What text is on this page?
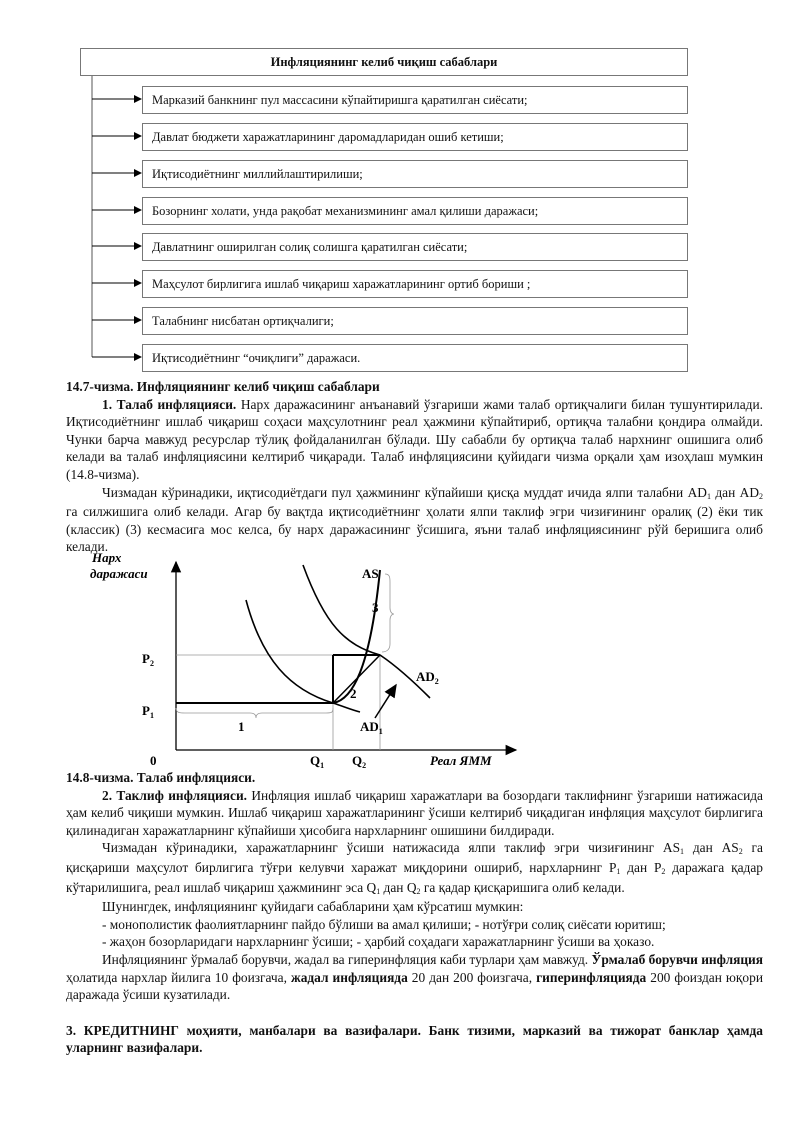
Инфляциянинг келиб чиқиш сабаблари
Марказий банкнинг пул массасини кўпайтиришга қаратилган сиёсати;
Давлат бюджети харажатларининг даромадларидан ошиб кетиши;
Иқтисодиётнинг миллийлаштирилиши;
Бозорнинг холати, унда рақобат механизмининг амал қилиши даражаси;
Давлатнинг оширилган солиқ солишга қаратилган сиёсати;
Маҳсулот бирлигига ишлаб чиқариш харажатларининг ортиб бориши ;
Талабнинг нисбатан ортиқчалиги;
Иқтисодиётнинг “очиқлиги” даражаси.

14.7-чизма. Инфляциянинг келиб чиқиш сабаблари

1. Талаб инфляцияси. Нарх даражасининг анъанавий ўзгариши жами талаб ортиқчалиги билан тушунтирилади. Иқтисодиётнинг ишлаб чиқариш соҳаси маҳсулотнинг реал ҳажмини кўпайтириб, ортиқча талабни қондира олмайди. Чунки барча мавжуд ресурслар тўлиқ фойдаланилган бўлади. Шу сабабли бу ортиқча талаб нархнинг ошишига олиб келади ва талаб инфляциясини келтириб чиқаради. Талаб инфляциясини қуйидаги чизма орқали ҳам изоҳлаш мумкин (14.8-чизма).

Чизмадан кўринадики, иқтисодиётдаги пул ҳажмининг кўпайиши қисқа муддат ичида ялпи талабни $AD_1$ дан $AD_2$ га силжишига олиб келади. Агар бу вақтда иқтисодиётнинг ҳолати ялпи таклиф эгри чизиғининг оралиқ (2) ёки тик (классик) (3) кесмасига мос келса, бу нарх даражасининг ўсишига, яъни талаб инфляциясининг рўй беришига олиб келади.

Нарх
даражаси
Реал ЯММ
0
AS
3
2
1
$AD_2$
$AD_1$
$P_2$
$P_1$
$Q_1$ $Q_2$

14.8-чизма. Талаб инфляцияси.

2. Таклиф инфляцияси. Инфляция ишлаб чиқариш харажатлари ва бозордаги таклифнинг ўзгариши натижасида ҳам келиб чиқиши мумкин. Ишлаб чиқариш харажатларининг ўсиши келтириб чиқадиган инфляция маҳсулот бирлигига қилинадиган харажатларнинг кўпайиши ҳисобига нархларнинг ошишини билдиради.

Чизмадан кўринадики, харажатларнинг ўсиши натижасида ялпи таклиф эгри чизиғининг $AS_1$ дан $AS_2$ га қисқариши маҳсулот бирлигига тўғри келувчи харажат миқдорини ошириб, нархларнинг $P_1$ дан $P_2$ даражага қадар кўтарилишига, реал ишлаб чиқариш ҳажмининг эса $Q_1$ дан $Q_2$ га қадар қисқаришига олиб келади.

Шунингдек, инфляциянинг қуйидаги сабабларини ҳам кўрсатиш мумкин:

- монополистик фаолиятларнинг пайдо бўлиши ва амал қилиши; - нотўғри солиқ сиёсати юритиш;

- жаҳон бозорларидаги нархларнинг ўсиши; - ҳарбий соҳадаги харажатларнинг ўсиши ва ҳоказо.

Инфляциянинг ўрмалаб борувчи, жадал ва гиперинфляция каби турлари ҳам мавжуд. Ўрмалаб борувчи инфляция ҳолатида нархлар йилига 10 фоизгача, жадал инфляцияда 20 дан 200 фоизгача, гиперинфляцияда 200 фоиздан юқори даражада ўсиши кузатилади.

3. КРЕДИТНИНГ моҳияти, манбалари ва вазифалари. Банк тизими, марказий ва тижорат банклар ҳамда уларнинг вазифалари.
